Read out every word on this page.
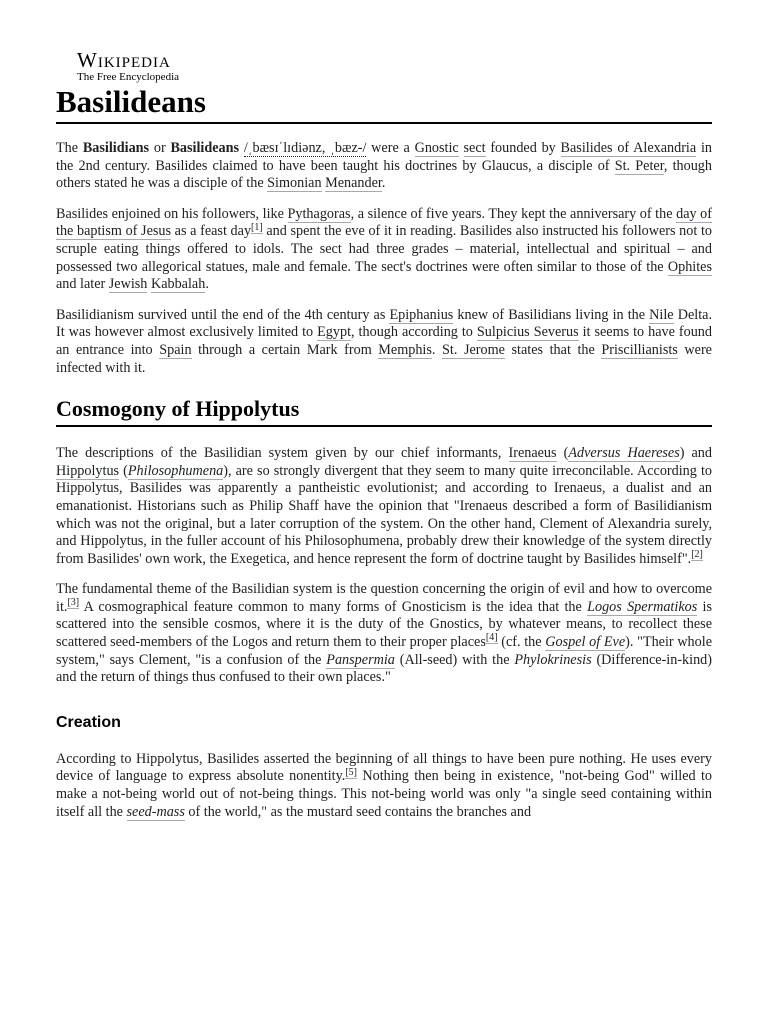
Wikipedia
The Free Encyclopedia
Basilideans

The Basilidians or Basilideans /ˌbæsɪˈlɪdiənz, ˌbæz-/ were a Gnostic sect founded by Basilides of Alexandria in the 2nd century. Basilides claimed to have been taught his doctrines by Glaucus, a disciple of St. Peter, though others stated he was a disciple of the Simonian Menander.

Basilides enjoined on his followers, like Pythagoras, a silence of five years. They kept the anniversary of the day of the baptism of Jesus as a feast day[1] and spent the eve of it in reading. Basilides also instructed his followers not to scruple eating things offered to idols. The sect had three grades – material, intellectual and spiritual – and possessed two allegorical statues, male and female. The sect's doctrines were often similar to those of the Ophites and later Jewish Kabbalah.

Basilidianism survived until the end of the 4th century as Epiphanius knew of Basilidians living in the Nile Delta. It was however almost exclusively limited to Egypt, though according to Sulpicius Severus it seems to have found an entrance into Spain through a certain Mark from Memphis. St. Jerome states that the Priscillianists were infected with it.

Cosmogony of Hippolytus

The descriptions of the Basilidian system given by our chief informants, Irenaeus (Adversus Haereses) and Hippolytus (Philosophumena), are so strongly divergent that they seem to many quite irreconcilable. According to Hippolytus, Basilides was apparently a pantheistic evolutionist; and according to Irenaeus, a dualist and an emanationist. Historians such as Philip Shaff have the opinion that "Irenaeus described a form of Basilidianism which was not the original, but a later corruption of the system. On the other hand, Clement of Alexandria surely, and Hippolytus, in the fuller account of his Philosophumena, probably drew their knowledge of the system directly from Basilides' own work, the Exegetica, and hence represent the form of doctrine taught by Basilides himself".[2]

The fundamental theme of the Basilidian system is the question concerning the origin of evil and how to overcome it.[3] A cosmographical feature common to many forms of Gnosticism is the idea that the Logos Spermatikos is scattered into the sensible cosmos, where it is the duty of the Gnostics, by whatever means, to recollect these scattered seed-members of the Logos and return them to their proper places[4] (cf. the Gospel of Eve). "Their whole system," says Clement, "is a confusion of the Panspermia (All-seed) with the Phylokrinesis (Difference-in-kind) and the return of things thus confused to their own places."

Creation

According to Hippolytus, Basilides asserted the beginning of all things to have been pure nothing. He uses every device of language to express absolute nonentity.[5] Nothing then being in existence, "not-being God" willed to make a not-being world out of not-being things. This not-being world was only "a single seed containing within itself all the seed-mass of the world," as the mustard seed contains the branches and
